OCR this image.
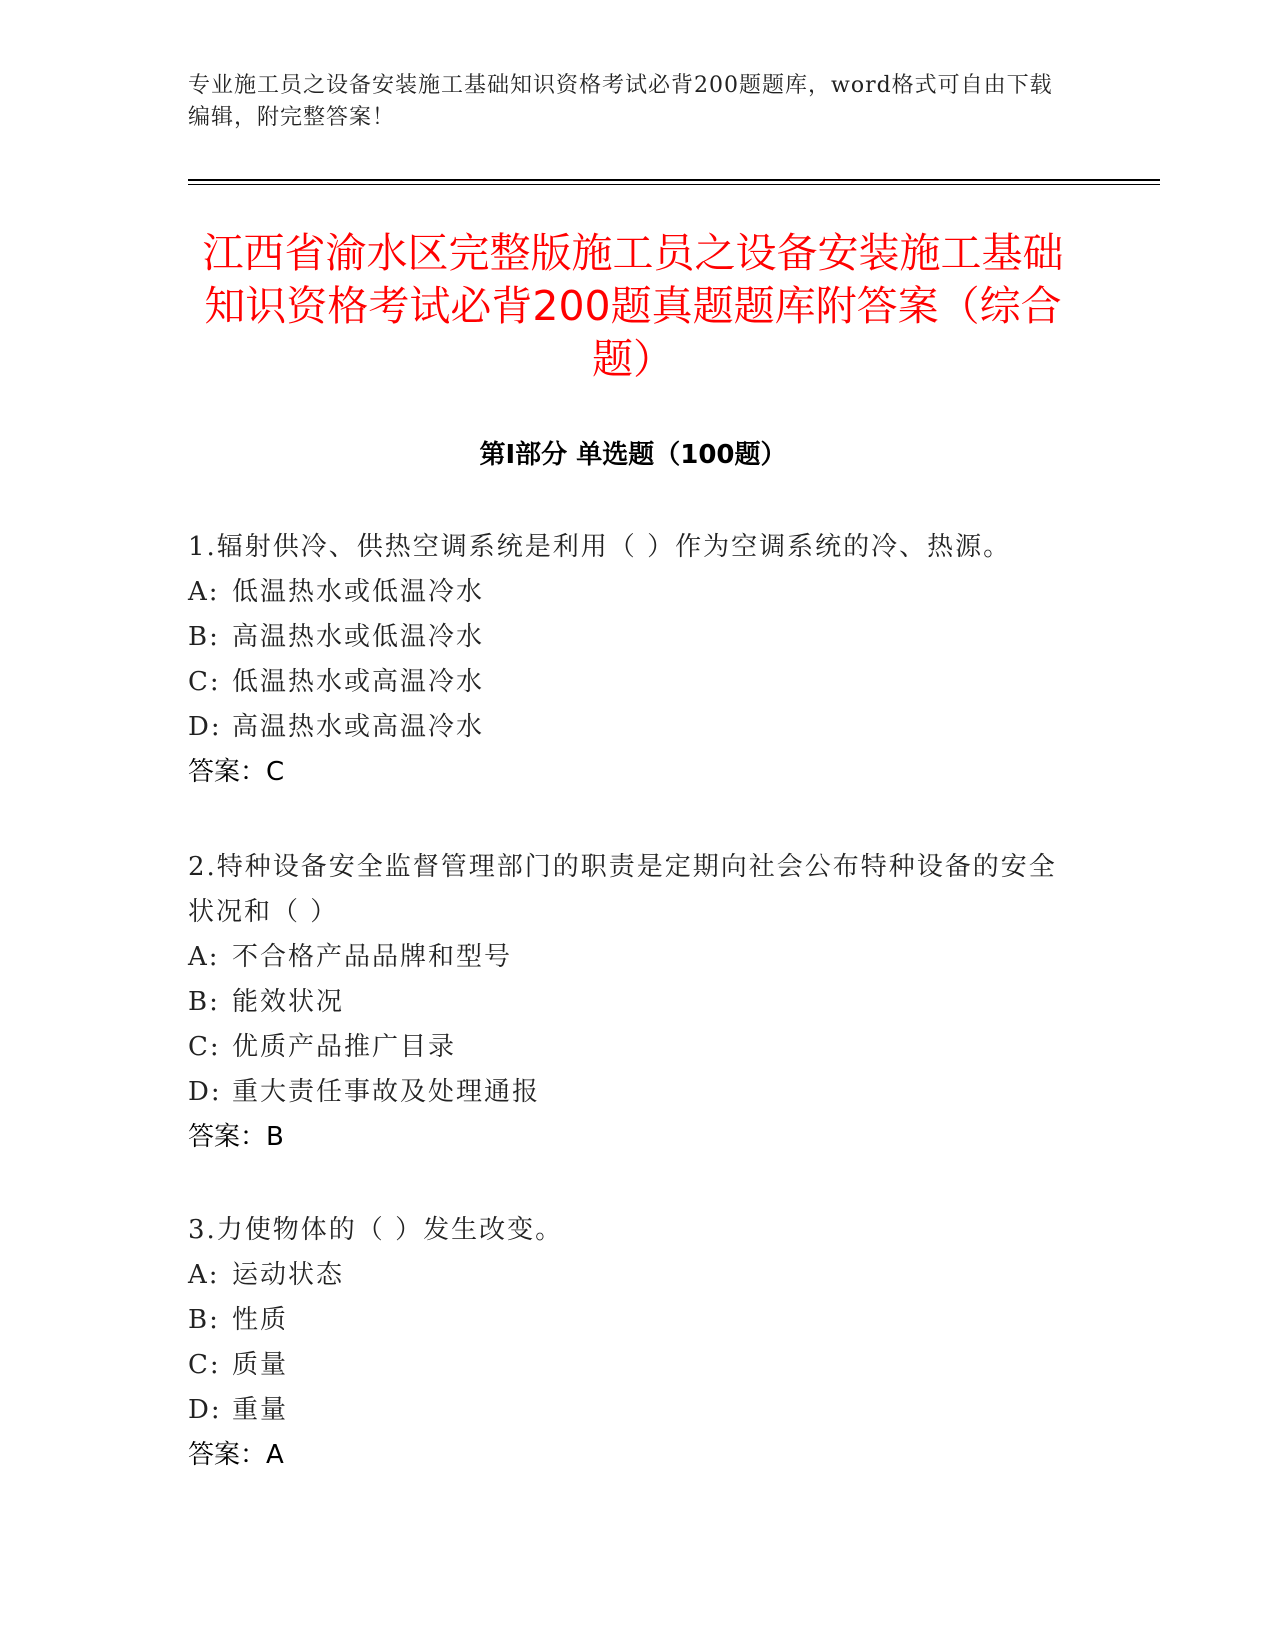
专业施工员之设备安装施工基础知识资格考试必背200题题库，word格式可自由下载编辑，附完整答案！
江西省渝水区完整版施工员之设备安装施工基础知识资格考试必背200题真题题库附答案（综合题）
第I部分 单选题（100题）

1.辐射供冷、供热空调系统是利用（ ）作为空调系统的冷、热源。

A: 低温热水或低温冷水

B: 高温热水或低温冷水

C: 低温热水或高温冷水

D: 高温热水或高温冷水

答案：C

2.特种设备安全监督管理部门的职责是定期向社会公布特种设备的安全状况和（ ）

A: 不合格产品品牌和型号

B: 能效状况

C: 优质产品推广目录

D: 重大责任事故及处理通报

答案：B

3.力使物体的（ ）发生改变。

A: 运动状态

B: 性质

C: 质量

D: 重量

答案：A
